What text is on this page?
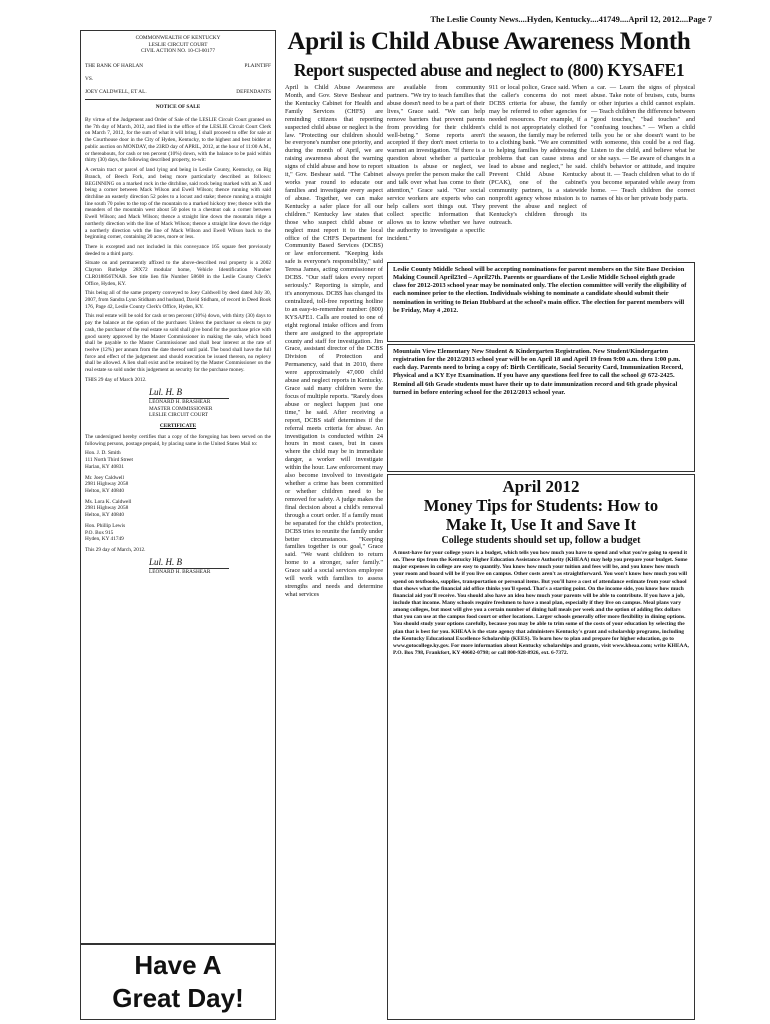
The Leslie County News....Hyden, Kentucky....41749....April 12, 2012....Page 7
COMMONWEALTH OF KENTUCKY
LESLIE CIRCUIT COURT
CIVIL ACTION NO. 10-CI-00177
THE BANK OF HARLAN	PLAINTIFF
VS.
JOEY CALDWELL, ET AL.	DEFENDANTS
NOTICE OF SALE

By virtue of the Judgement and Order of Sale of the LESLIE Circuit Court granted on the 7th day of March, 2012, and filed in the office of the LESLIE Circuit Court Clerk on March 7, 2012, for the sum of what it will bring, I shall proceed to offer for sale at the Courthouse door in the City of Hyden, Kentucky, to the highest and best bidder at public auction on MONDAY, the 23RD day of APRIL, 2012, at the hour of 11:00 A.M., or thereabouts, for cash or ten percent (10%) down, with the balance to be paid within thirty (30) days, the following described property, to-wit:

A certain tract or parcel of land lying and being in Leslie County, Kentucky, on Big Branch, of Beech Fork, and being more particularly described as follows: BEGINNING on a marked rock in the ditchline, said rock being marked with an X and being a corner between Mack Wilson and Ewell Wilson; thence running with said ditchline an easterly direction 52 poles to a locust and stake; thence running a straight line south 70 poles to the top of the mountain to a marked hickory tree; thence with the meanders of the mountain west about 50 poles to a chestnut oak a corner between Ewell Wilson; and Mack Wilson; thence a straight line down the mountain ridge a northerly direction with the line of Mack Wilson; thence a straight line down the ridge a northerly direction with the line of Mack Wilson and Ewell Wilson back to the beginning corner, containing 20 acres, more or less.

There is excepted and not included in this conveyance 165 square feet previously deeded to a third party.

Situate on and permanently affixed to the above-described real property is a 2002 Clayton Rutledge 28X72 modular home, Vehicle Identification Number CLR018856TNAB. See title lien file Number 58608 in the Leslie County Clerk's Office, Hyden, KY.

This being all of the same property conveyed to Joey Caldwell by deed dated July 30, 2007, from Sandra Lynn Stidham and husband, David Stidham, of record in Deed Book 176, Page 42, Leslie County Clerk's Office, Hyden, KY.

This real estate will be sold for cash or ten percent (10%) down, with thirty (30) days to pay the balance at the option of the purchaser. Unless the purchaser so elects to pay cash, the purchaser of the real estate so sold shall give bond for the purchase price with good surety approved by the Master Commissioner in making the sale, which bond shall be payable to the Master Commissioner and shall bear interest at the rate of twelve (12%) per annum from the date thereof until paid. The bond shall have the full force and effect of the judgement and should execution be issued thereon, no replevy shall be allowed. A lien shall exist and be retained by the Master Commissioner on the real estate so sold under this judgement as security for the purchase money.

THIS 29 day of March 2012.

Lul. H. B
LEONARD H. BRASHEAR
MASTER COMMISSIONER
LESLIE CIRCUIT COURT
CERTIFICATE

The undersigned hereby certifies that a copy of the foregoing has been served on the following persons, postage prepaid, by placing same in the United States Mail to:

Hon. J. D. Smith
111 North Third Street
Harlan, KY 40831
Mr. Joey Caldwell
2981 Highway 2058
Helton, KY 40840
Ms. Lora K. Caldwell
2981 Highway 2058
Helton, KY 40840
Hon. Phillip Lewis
P.O. Box 915
Hyden, KY 41749

This 29 day of March, 2012.

Lul. H. B
LEONARD H. BRASHEAR
Have A
Great Day!
April is Child Abuse Awareness Month
Report suspected abuse and neglect to (800) KYSAFE1

April is Child Abuse Awareness Month, and Gov. Steve Beshear and the Kentucky Cabinet for Health and Family Services (CHFS) are reminding citizens that reporting suspected child abuse or neglect is the law. "Protecting our children should be everyone's number one priority, and during the month of April, we are raising awareness about the warning signs of child abuse and how to report it," Gov. Beshear said. "The Cabinet works year round to educate our families and investigate every aspect of abuse. Together, we can make Kentucky a safer place for all our children." Kentucky law states that those who suspect child abuse or neglect must report it to the local office of the CHFS Department for Community Based Services (DCBS) or law enforcement. "Keeping kids safe is everyone's responsibility," said Teresa James, acting commissioner of DCBS. "Our staff takes every report seriously." Reporting is simple, and it's anonymous. DCBS has changed its centralized, toll-free reporting hotline to an easy-to-remember number: (800) KYSAFE1. Calls are routed to one of eight regional intake offices and from there are assigned to the appropriate county and staff for investigation. Jim Grace, assistant director of the DCBS Division of Protection and Permanency, said that in 2010, there were approximately 47,000 child abuse and neglect reports in Kentucky. Grace said many children were the focus of multiple reports. "Rarely does abuse or neglect happen just one time," he said. After receiving a report, DCBS staff determines if the referral meets criteria for abuse. An investigation is conducted within 24 hours in most cases, but in cases where the child may be in immediate danger, a worker will investigate within the hour. Law enforcement may also become involved to investigate whether a crime has been committed or whether children need to be removed for safety. A judge makes the final decision about a child's removal through a court order. If a family must be separated for the child's protection, DCBS tries to reunite the family under better circumstances. "Keeping families together is our goal," Grace said. "We want children to return home to a stronger, safer family." Grace said a social services employee will work with families to assess strengths and needs and determine what services

are available from community partners. "We try to teach families that abuse doesn't need to be a part of their lives," Grace said. "We can help remove barriers that prevent parents from providing for their children's well-being." Some reports aren't accepted if they don't meet criteria to warrant an investigation. "If there is a question about whether a particular situation is abuse or neglect, we always prefer the person make the call and talk over what has come to their attention," Grace said. "Our social service workers are experts who can help callers sort things out. They collect specific information that allows us to know whether we have the authority to investigate a specific incident."

911 or local police, Grace said. When the caller's concerns do not meet DCBS criteria for abuse, the family may be referred to other agencies for needed resources. For example, if a child is not appropriately clothed for the season, the family may be referred to a clothing bank. "We are committed to helping families by addressing the problems that can cause stress and lead to abuse and neglect," he said. Prevent Child Abuse Kentucky (PCAK), one of the cabinet's community partners, is a statewide nonprofit agency whose mission is to prevent the abuse and neglect of Kentucky's children through its outreach.

a car. — Learn the signs of physical abuse. Take note of bruises, cuts, burns or other injuries a child cannot explain. — Teach children the difference between "good touches," "bad touches" and "confusing touches." — When a child tells you he or she doesn't want to be with someone, this could be a red flag. Listen to the child, and believe what he or she says. — Be aware of changes in a child's behavior or attitude, and inquire about it. — Teach children what to do if you become separated while away from home. — Teach children the correct names of his or her private body parts.

Leslie County Middle School will be accepting nominations for parent members on the Site Base Decision Making Council April23rd – April27th. Parents or guardians of the Leslie Middle School eighth grade class for 2012-2013 school year may be nominated only. The election committee will verify the eligibility of each nominee prior to the election. Individuals wishing to nominate a candidate should submit their nomination in writing to Brian Hubbard at the school's main office. The election for parent members will be Friday, May 4 ,2012.
Mountain View Elementary New Student & Kindergarten Registration. New Student/Kindergarten registration for the 2012/2013 school year will be on April 18 and April 19 from 9:00 a.m. thru 1:00 p.m. each day. Parents need to bring a copy of: Birth Certificate, Social Security Card, Immunization Record, Physical and a KY Eye Examination. If you have any questions feel free to call the school @ 672-2425. Remind all 6th Grade students must have their up to date immunization record and 6th grade physical turned in before entering school for the 2012/2013 school year.
April 2012
Money Tips for Students: How to
Make It, Use It and Save It
College students should set up, follow a budget
A must-have for your college years is a budget, which tells you how much you have to spend and what you're going to spend it on. These tips from the Kentucky Higher Education Assistance Authority (KHEAA) may help you prepare your budget. Some major expenses in college are easy to quantify. You know how much your tuition and fees will be, and you know how much your room and board will be if you live on campus. Other costs aren't as straightforward. You won't know how much you will spend on textbooks, supplies, transportation or personal items. But you'll have a cost of attendance estimate from your school that shows what the financial aid office thinks you'll spend. That's a starting point. On the income side, you know how much financial aid you'll receive. You should also have an idea how much your parents will be able to contribute. If you have a job, include that income. Many schools require freshmen to have a meal plan, especially if they live on campus. Meal plans vary among colleges, but most will give you a certain number of dining hall meals per week and the option of adding flex dollars that you can use at the campus food court or other locations. Larger schools generally offer more flexibility in dining options. You should study your options carefully, because you may be able to trim some of the costs of your education by selecting the plan that is best for you. KHEAA is the state agency that administers Kentucky's grant and scholarship programs, including the Kentucky Educational Excellence Scholarship (KEES). To learn how to plan and prepare for higher education, go to www.gotocollege.ky.gov. For more information about Kentucky scholarships and grants, visit www.kheaa.com; write KHEAA, P.O. Box 798, Frankfort, KY 40602-0798; or call 800-928-8926, ext. 6-7372.
